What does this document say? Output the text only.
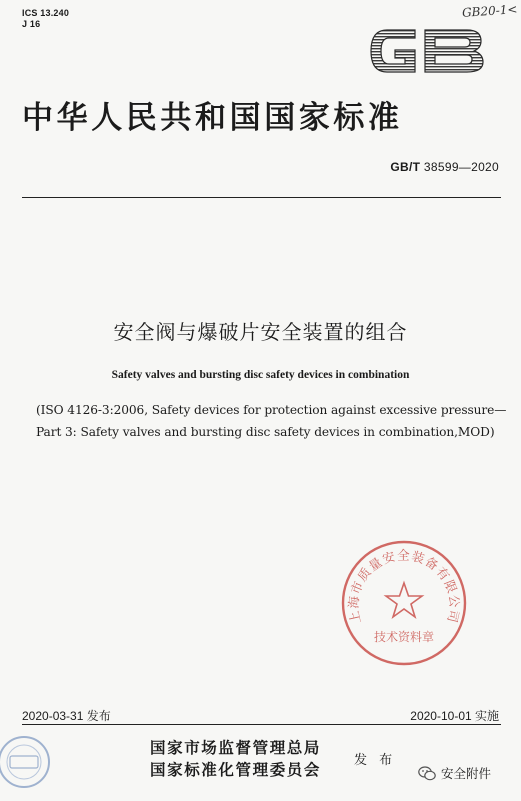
ICS 13.240
J 16
GB20-1<
中华人民共和国国家标准
GB/T 38599—2020
安全阀与爆破片安全装置的组合
Safety valves and bursting disc safety devices in combination
(ISO 4126-3:2006, Safety devices for protection against excessive pressure—
Part 3: Safety valves and bursting disc safety devices in combination,MOD)
上海市质量安全装备有限公司
技术资料章
2020-03-31 发布	2020-10-01 实施
国家市场监督管理总局
国家标准化管理委员会
发 布
安全附件
